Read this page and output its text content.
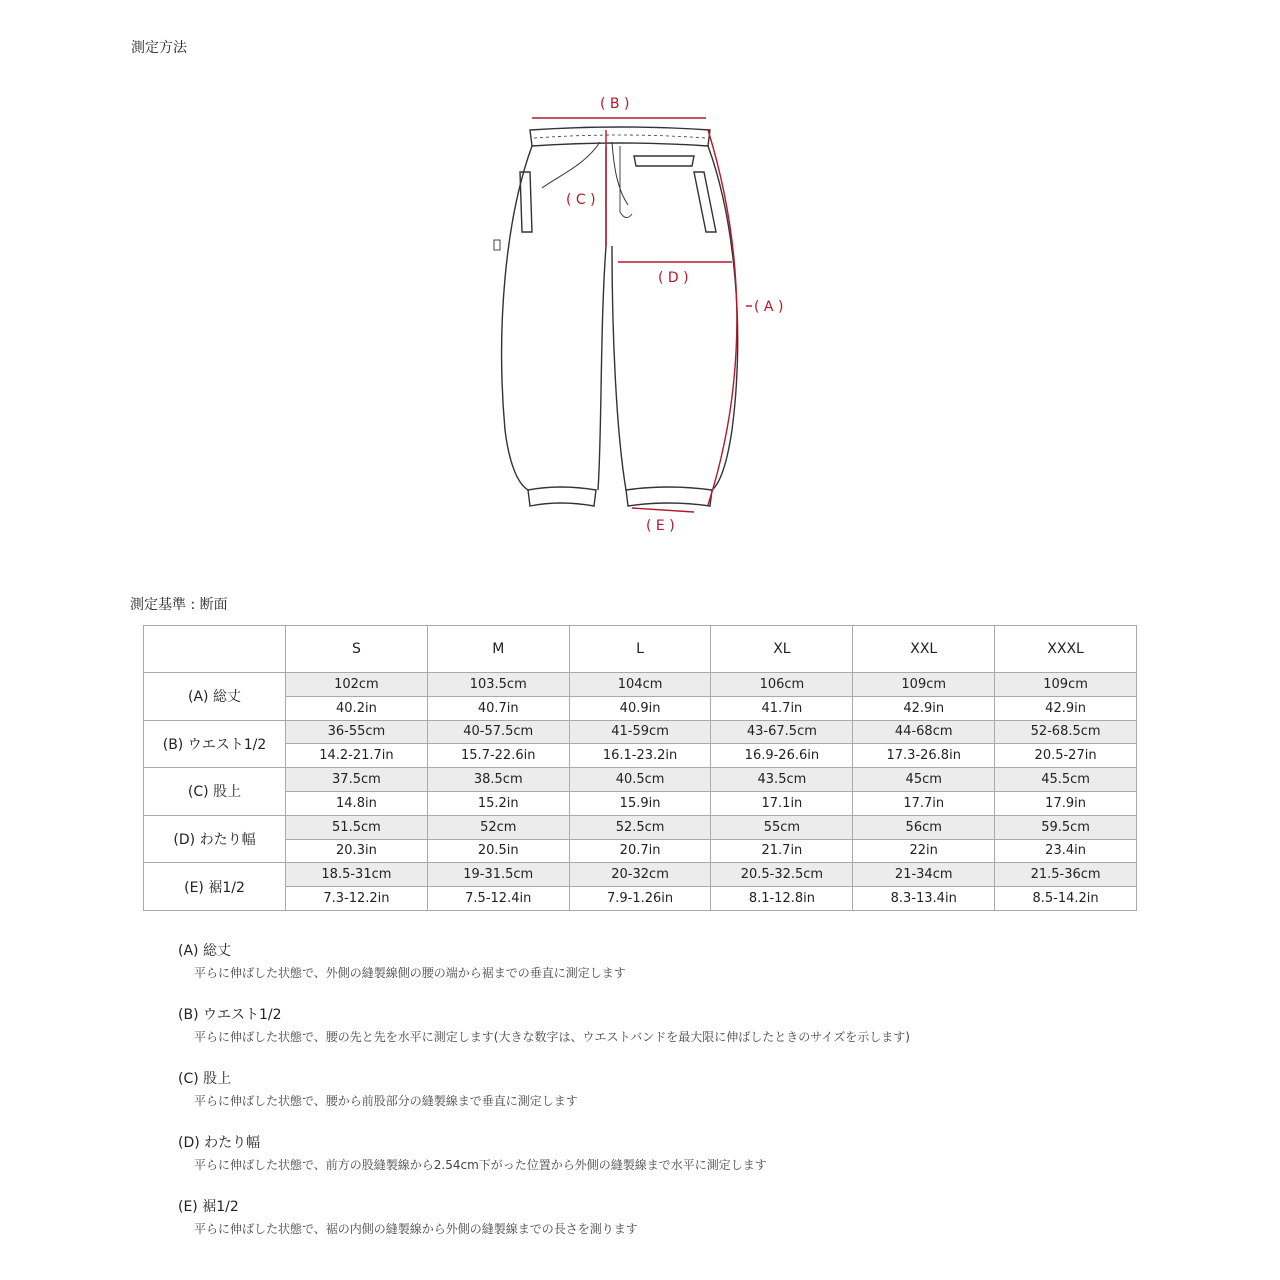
測定方法
( B )
( C )
( D )
( A )
( E )
測定基準 : 断面
	S	M	L	XL	XXL	XXXL
(A) 総丈	102cm	103.5cm	104cm	106cm	109cm	109cm
	40.2in	40.7in	40.9in	41.7in	42.9in	42.9in
(B) ウエスト1/2	36-55cm	40-57.5cm	41-59cm	43-67.5cm	44-68cm	52-68.5cm
	14.2-21.7in	15.7-22.6in	16.1-23.2in	16.9-26.6in	17.3-26.8in	20.5-27in
(C) 股上	37.5cm	38.5cm	40.5cm	43.5cm	45cm	45.5cm
	14.8in	15.2in	15.9in	17.1in	17.7in	17.9in
(D) わたり幅	51.5cm	52cm	52.5cm	55cm	56cm	59.5cm
	20.3in	20.5in	20.7in	21.7in	22in	23.4in
(E) 裾1/2	18.5-31cm	19-31.5cm	20-32cm	20.5-32.5cm	21-34cm	21.5-36cm
	7.3-12.2in	7.5-12.4in	7.9-1.26in	8.1-12.8in	8.3-13.4in	8.5-14.2in
(A) 総丈
平らに伸ばした状態で、外側の縫製線側の腰の端から裾までの垂直に測定します
(B) ウエスト1/2
平らに伸ばした状態で、腰の先と先を水平に測定します(大きな数字は、ウエストバンドを最大限に伸ばしたときのサイズを示します)
(C) 股上
平らに伸ばした状態で、腰から前股部分の縫製線まで垂直に測定します
(D) わたり幅
平らに伸ばした状態で、前方の股縫製線から2.54cm下がった位置から外側の縫製線まで水平に測定します
(E) 裾1/2
平らに伸ばした状態で、裾の内側の縫製線から外側の縫製線までの長さを測ります
